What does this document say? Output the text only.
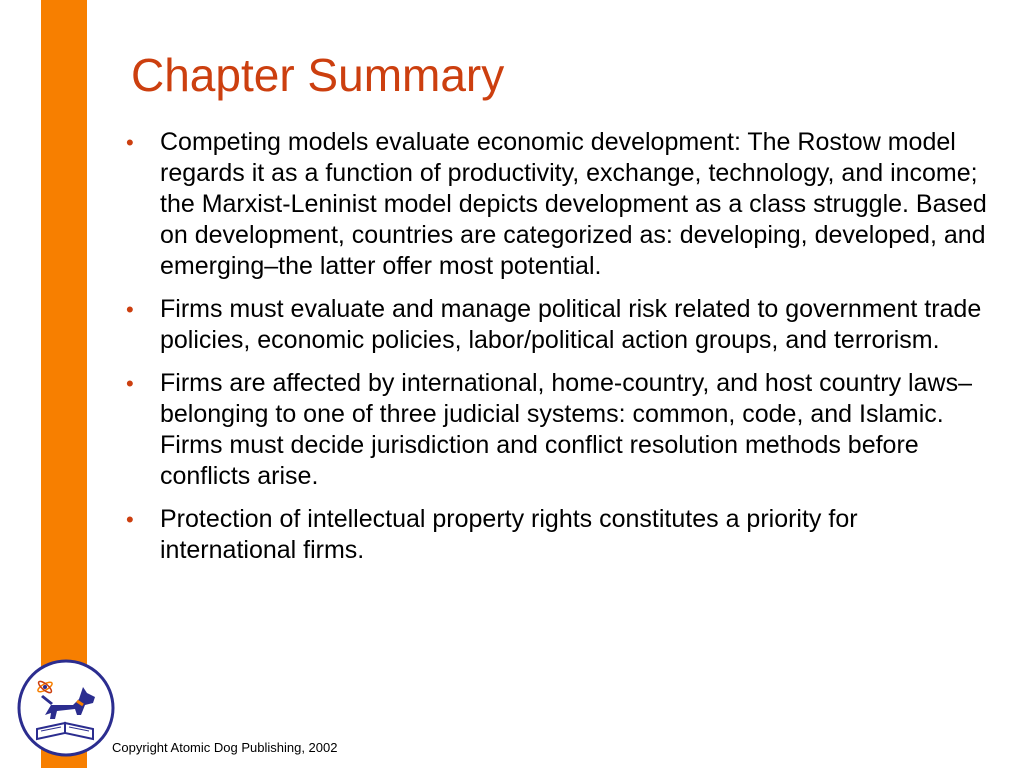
Chapter Summary
• Competing models evaluate economic development: The Rostow model regards it as a function of productivity, exchange, technology, and income; the Marxist-Leninist model depicts development as a class struggle. Based on development, countries are categorized as: developing, developed, and emerging–the latter offer most potential.
• Firms must evaluate and manage political risk related to government trade policies, economic policies, labor/political action groups, and terrorism.
• Firms are affected by international, home-country, and host country laws–belonging to one of three judicial systems: common, code, and Islamic. Firms must decide jurisdiction and conflict resolution methods before conflicts arise.
• Protection of intellectual property rights constitutes a priority for international firms.
Copyright Atomic Dog Publishing, 2002
